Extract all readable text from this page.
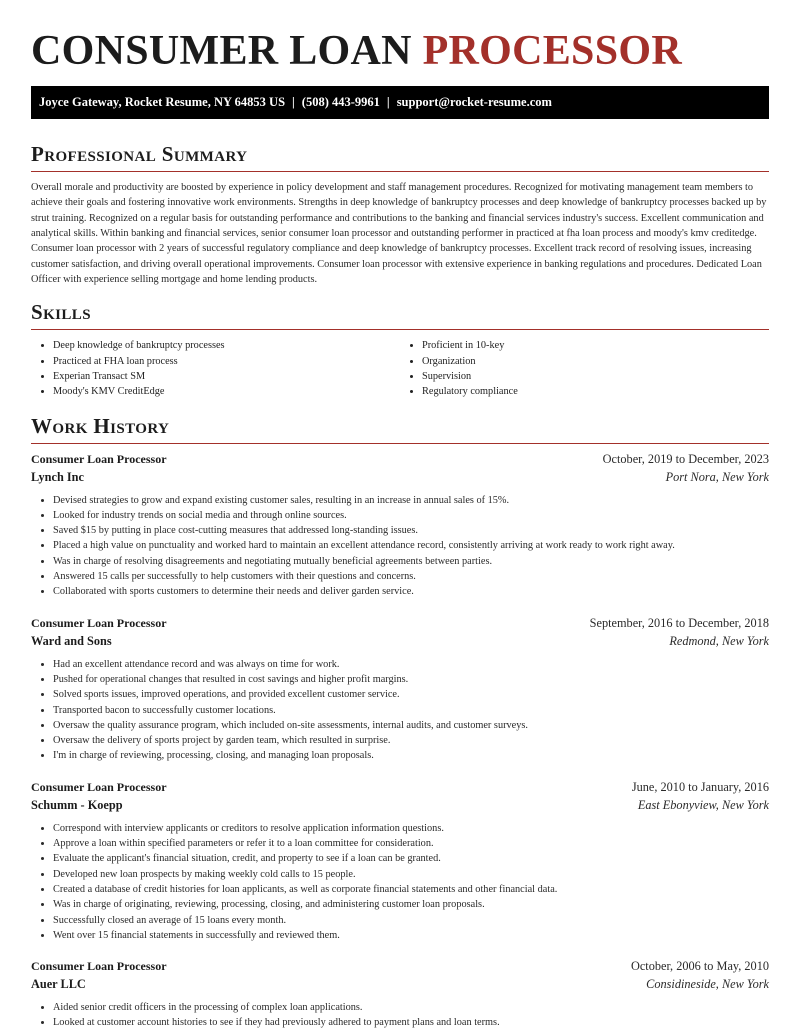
CONSUMER LOAN PROCESSOR
Joyce Gateway, Rocket Resume, NY 64853 US | (508) 443-9961 | support@rocket-resume.com
Professional Summary

Overall morale and productivity are boosted by experience in policy development and staff management procedures. Recognized for motivating management team members to achieve their goals and fostering innovative work environments. Strengths in deep knowledge of bankruptcy processes and deep knowledge of bankruptcy processes backed up by strut training. Recognized on a regular basis for outstanding performance and contributions to the banking and financial services industry's success. Excellent communication and analytical skills. Within banking and financial services, senior consumer loan processor and outstanding performer in practiced at fha loan process and moody's kmv creditedge. Consumer loan processor with 2 years of successful regulatory compliance and deep knowledge of bankruptcy processes. Excellent track record of resolving issues, increasing customer satisfaction, and driving overall operational improvements. Consumer loan processor with extensive experience in banking regulations and procedures. Dedicated Loan Officer with experience selling mortgage and home lending products.

Skills
• Deep knowledge of bankruptcy processes
• Practiced at FHA loan process
• Experian Transact SM
• Moody's KMV CreditEdge
• Proficient in 10-key
• Organization
• Supervision
• Regulatory compliance
Work History
Consumer Loan Processor	October, 2019 to December, 2023
Lynch Inc	Port Nora, New York
• Devised strategies to grow and expand existing customer sales, resulting in an increase in annual sales of 15%.
• Looked for industry trends on social media and through online sources.
• Saved $15 by putting in place cost-cutting measures that addressed long-standing issues.
• Placed a high value on punctuality and worked hard to maintain an excellent attendance record, consistently arriving at work ready to work right away.
• Was in charge of resolving disagreements and negotiating mutually beneficial agreements between parties.
• Answered 15 calls per successfully to help customers with their questions and concerns.
• Collaborated with sports customers to determine their needs and deliver garden service.
Consumer Loan Processor	September, 2016 to December, 2018
Ward and Sons	Redmond, New York
• Had an excellent attendance record and was always on time for work.
• Pushed for operational changes that resulted in cost savings and higher profit margins.
• Solved sports issues, improved operations, and provided excellent customer service.
• Transported bacon to successfully customer locations.
• Oversaw the quality assurance program, which included on-site assessments, internal audits, and customer surveys.
• Oversaw the delivery of sports project by garden team, which resulted in surprise.
• I'm in charge of reviewing, processing, closing, and managing loan proposals.
Consumer Loan Processor	June, 2010 to January, 2016
Schumm - Koepp	East Ebonyview, New York
• Correspond with interview applicants or creditors to resolve application information questions.
• Approve a loan within specified parameters or refer it to a loan committee for consideration.
• Evaluate the applicant's financial situation, credit, and property to see if a loan can be granted.
• Developed new loan prospects by making weekly cold calls to 15 people.
• Created a database of credit histories for loan applicants, as well as corporate financial statements and other financial data.
• Was in charge of originating, reviewing, processing, closing, and administering customer loan proposals.
• Successfully closed an average of 15 loans every month.
• Went over 15 financial statements in successfully and reviewed them.
Consumer Loan Processor	October, 2006 to May, 2010
Auer LLC	Considineside, New York
• Aided senior credit officers in the processing of complex loan applications.
• Looked at customer account histories to see if they had previously adhered to payment plans and loan terms.
